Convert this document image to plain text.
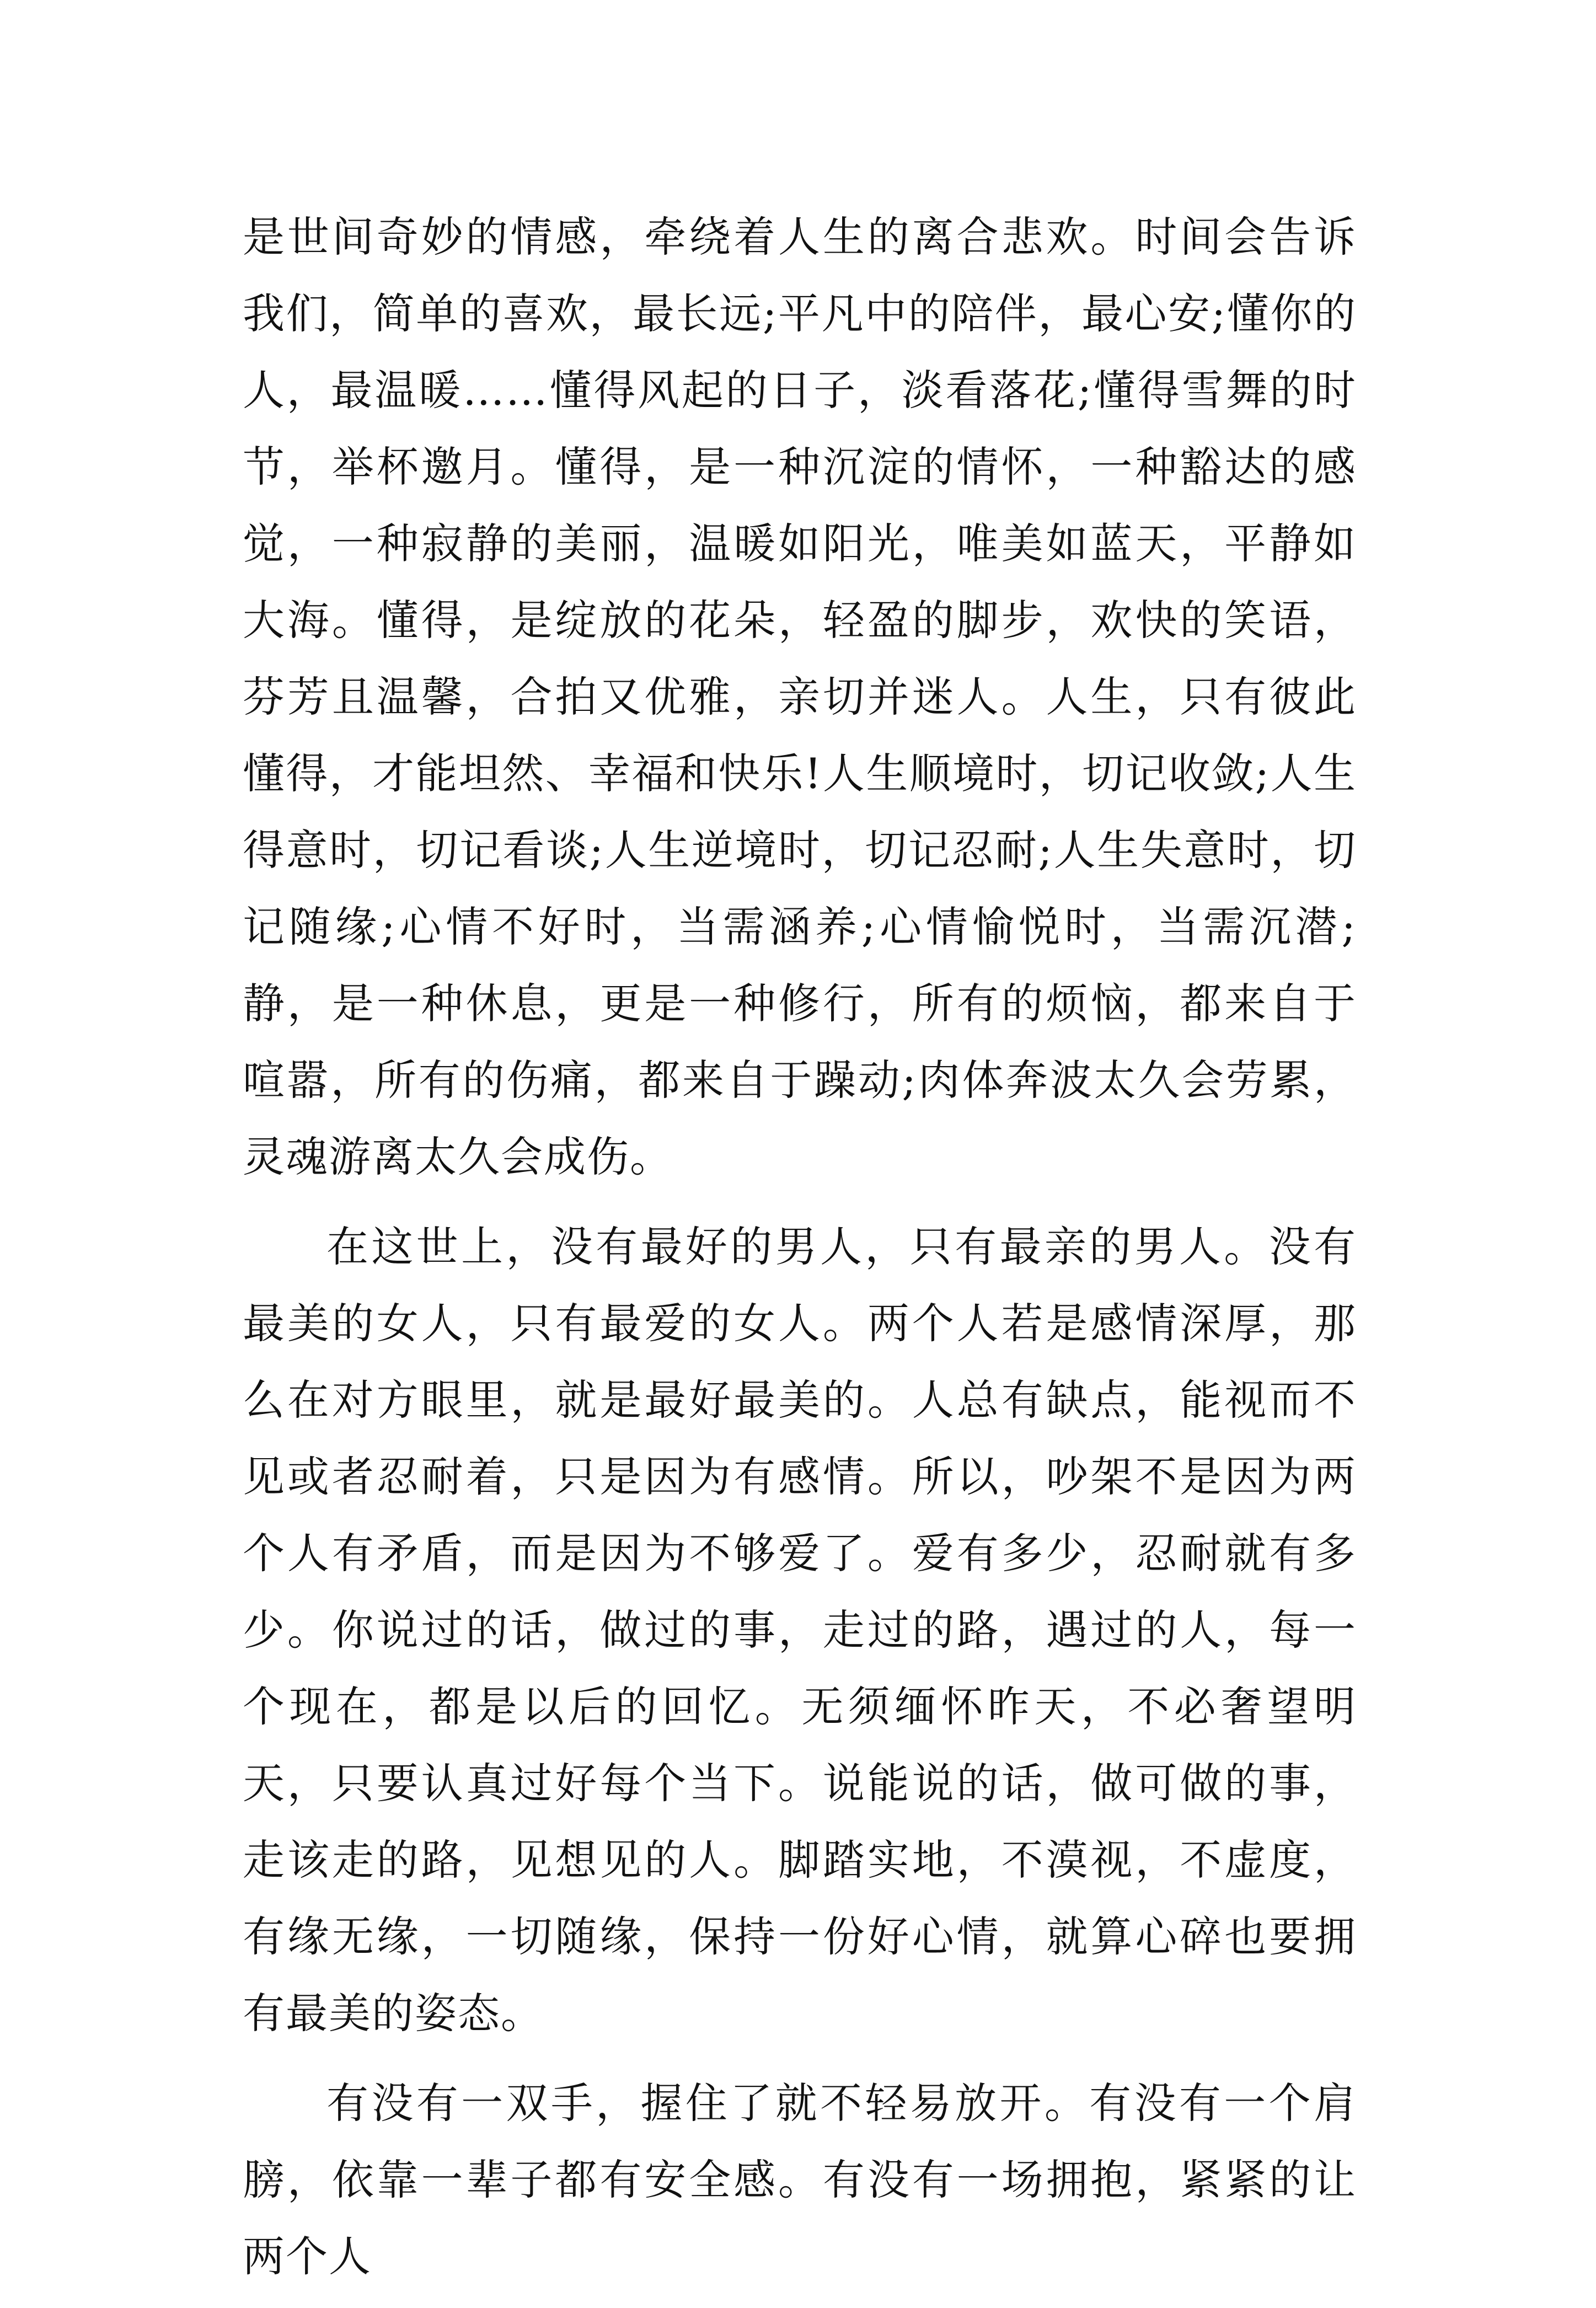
是世间奇妙的情感，牵绕着人生的离合悲欢。时间会告诉我们，简单的喜欢，最长远;平凡中的陪伴，最心安;懂你的人，最温暖……懂得风起的日子，淡看落花;懂得雪舞的时节，举杯邀月。懂得，是一种沉淀的情怀，一种豁达的感觉，一种寂静的美丽，温暖如阳光，唯美如蓝天，平静如大海。懂得，是绽放的花朵，轻盈的脚步，欢快的笑语，芬芳且温馨，合拍又优雅，亲切并迷人。人生，只有彼此懂得，才能坦然、幸福和快乐!人生顺境时，切记收敛;人生得意时，切记看谈;人生逆境时，切记忍耐;人生失意时，切记随缘;心情不好时，当需涵养;心情愉悦时，当需沉潜;静，是一种休息，更是一种修行，所有的烦恼，都来自于喧嚣，所有的伤痛，都来自于躁动;肉体奔波太久会劳累，灵魂游离太久会成伤。

在这世上，没有最好的男人，只有最亲的男人。没有最美的女人，只有最爱的女人。两个人若是感情深厚，那么在对方眼里，就是最好最美的。人总有缺点，能视而不见或者忍耐着，只是因为有感情。所以，吵架不是因为两个人有矛盾，而是因为不够爱了。爱有多少，忍耐就有多少。你说过的话，做过的事，走过的路，遇过的人，每一个现在，都是以后的回忆。无须缅怀昨天，不必奢望明天，只要认真过好每个当下。说能说的话，做可做的事，走该走的路，见想见的人。脚踏实地，不漠视，不虚度，有缘无缘，一切随缘，保持一份好心情，就算心碎也要拥有最美的姿态。

有没有一双手，握住了就不轻易放开。有没有一个肩膀，依靠一辈子都有安全感。有没有一场拥抱，紧紧的让两个人
